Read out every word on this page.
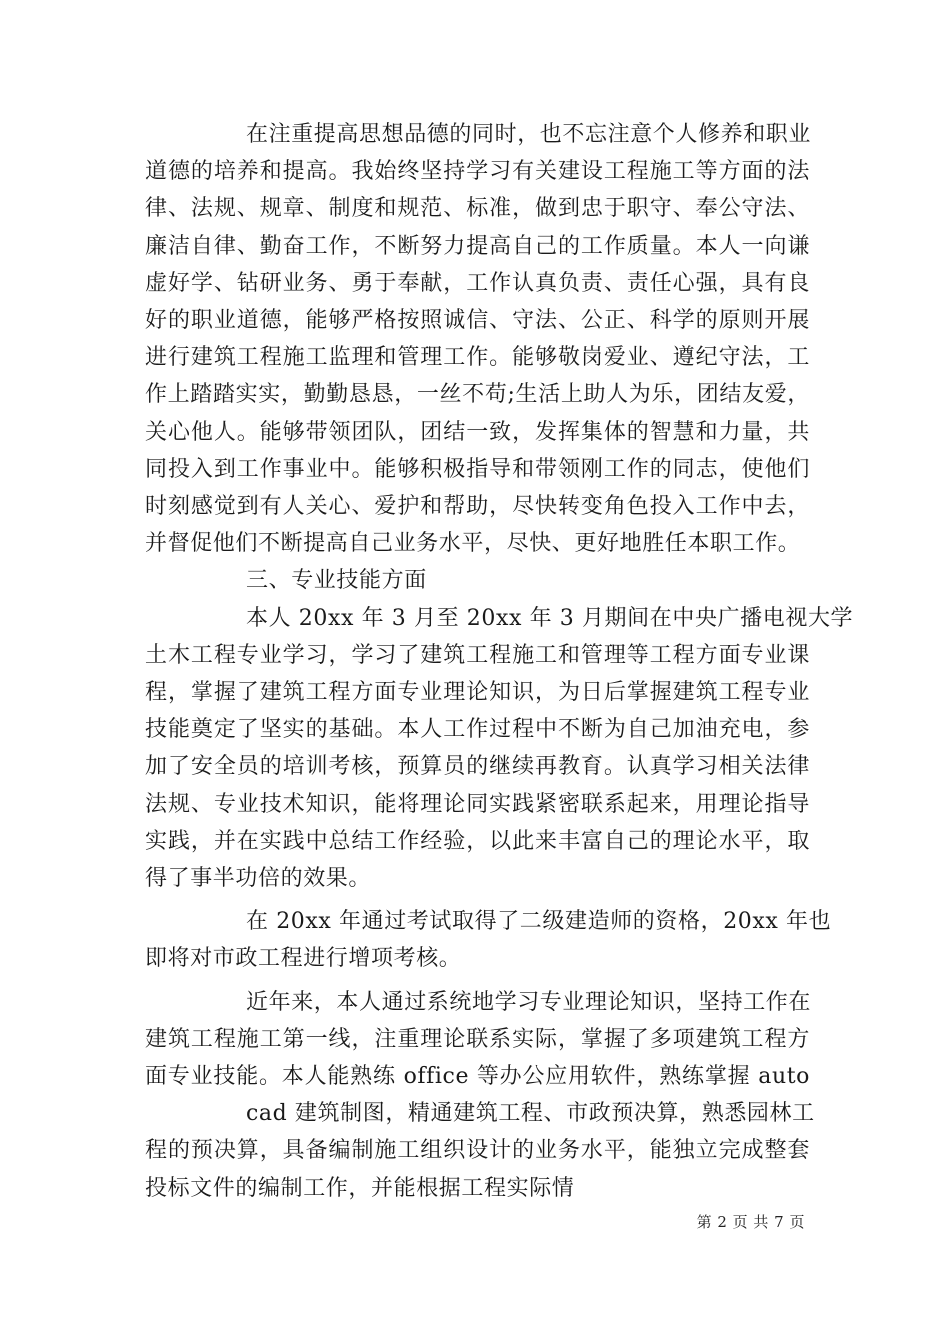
在注重提高思想品德的同时，也不忘注意个人修养和职业
道德的培养和提高。我始终坚持学习有关建设工程施工等方面的法
律、法规、规章、制度和规范、标准，做到忠于职守、奉公守法、
廉洁自律、勤奋工作，不断努力提高自己的工作质量。本人一向谦
虚好学、钻研业务、勇于奉献，工作认真负责、责任心强，具有良
好的职业道德，能够严格按照诚信、守法、公正、科学的原则开展
进行建筑工程施工监理和管理工作。能够敬岗爱业、遵纪守法，工
作上踏踏实实，勤勤恳恳，一丝不苟;生活上助人为乐，团结友爱，
关心他人。能够带领团队，团结一致，发挥集体的智慧和力量，共
同投入到工作事业中。能够积极指导和带领刚工作的同志，使他们
时刻感觉到有人关心、爱护和帮助，尽快转变角色投入工作中去，
并督促他们不断提高自己业务水平，尽快、更好地胜任本职工作。
三、专业技能方面
本人 20xx 年 3 月至 20xx 年 3 月期间在中央广播电视大学
土木工程专业学习，学习了建筑工程施工和管理等工程方面专业课
程，掌握了建筑工程方面专业理论知识，为日后掌握建筑工程专业
技能奠定了坚实的基础。本人工作过程中不断为自己加油充电，参
加了安全员的培训考核，预算员的继续再教育。认真学习相关法律
法规、专业技术知识，能将理论同实践紧密联系起来，用理论指导
实践，并在实践中总结工作经验，以此来丰富自己的理论水平，取
得了事半功倍的效果。
在 20xx 年通过考试取得了二级建造师的资格，20xx 年也
即将对市政工程进行增项考核。
近年来，本人通过系统地学习专业理论知识，坚持工作在
建筑工程施工第一线，注重理论联系实际，掌握了多项建筑工程方
面专业技能。本人能熟练 office 等办公应用软件，熟练掌握 auto
cad 建筑制图，精通建筑工程、市政预决算，熟悉园林工
程的预决算，具备编制施工组织设计的业务水平，能独立完成整套
投标文件的编制工作，并能根据工程实际情
第 2 页 共 7 页
